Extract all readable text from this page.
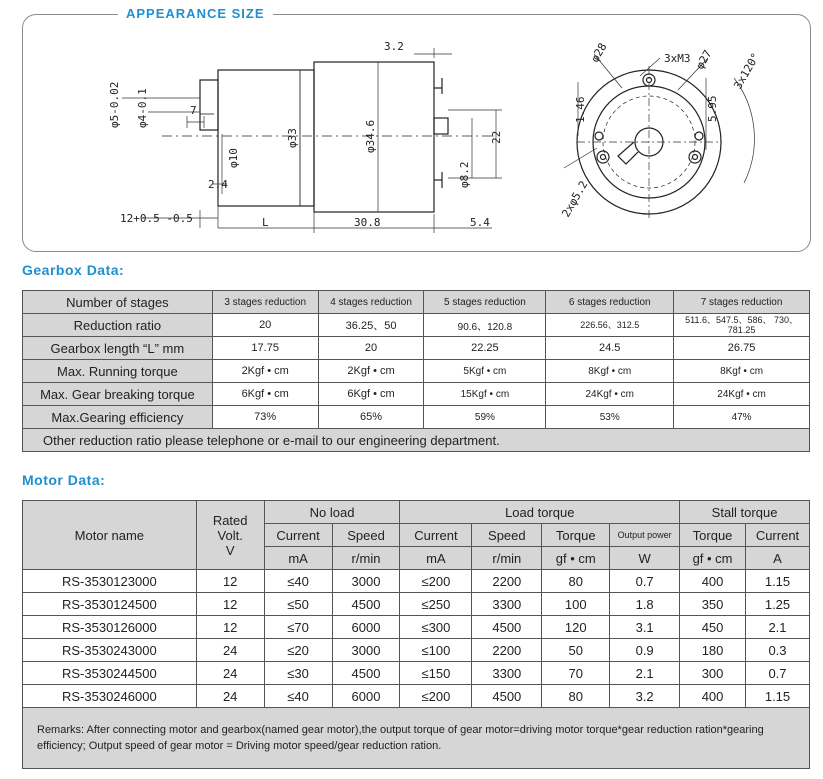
APPEARANCE SIZE
φ5-0.02 φ4-0.1	7
φ10
2.4
12+0.5 -0.5	L
φ33	φ34.6
3.2
φ8.2
22
30.8	5.4
1.46
φ28	3xM3 φ27 3x120°
5.95
2xφ5.2
Gearbox Data:
Number of stages	3 stages reduction	4 stages reduction	5 stages reduction	6 stages reduction	7 stages reduction
Reduction ratio	20	36.25、50	90.6、120.8	226.56、312.5	511.6、547.5、586、 730、781.25
Gearbox length “L” mm	17.75	20	22.25	24.5	26.75
Max. Running torque	2Kgf • cm	2Kgf • cm	5Kgf • cm	8Kgf • cm	8Kgf • cm
Max. Gear breaking torque	6Kgf • cm	6Kgf • cm	15Kgf • cm	24Kgf • cm	24Kgf • cm
Max.Gearing efficiency	73%	65%	59%	53%	47%
Other reduction ratio please telephone or e-mail to our engineering department.					
Motor Data:
Motor name	Rated
Volt.
V	No load		Load torque				Stall torque	
		Current	Speed	Current	Speed	Torque	Output power	Torque	Current
		mA	r/min	mA	r/min	gf • cm	W	gf • cm	A
RS-3530123000	12	≤40	3000	≤200	2200	80	0.7	400	1.15
RS-3530124500	12	≤50	4500	≤250	3300	100	1.8	350	1.25
RS-3530126000	12	≤70	6000	≤300	4500	120	3.1	450	2.1
RS-3530243000	24	≤20	3000	≤100	2200	50	0.9	180	0.3
RS-3530244500	24	≤30	4500	≤150	3300	70	2.1	300	0.7
RS-3530246000	24	≤40	6000	≤200	4500	80	3.2	400	1.15
Remarks: After connecting motor and gearbox(named gear motor),the output torque of gear motor=driving motor torque*gear reduction ration*gearing efficiency; Output speed of gear motor = Driving motor speed/gear reduction ration.									
